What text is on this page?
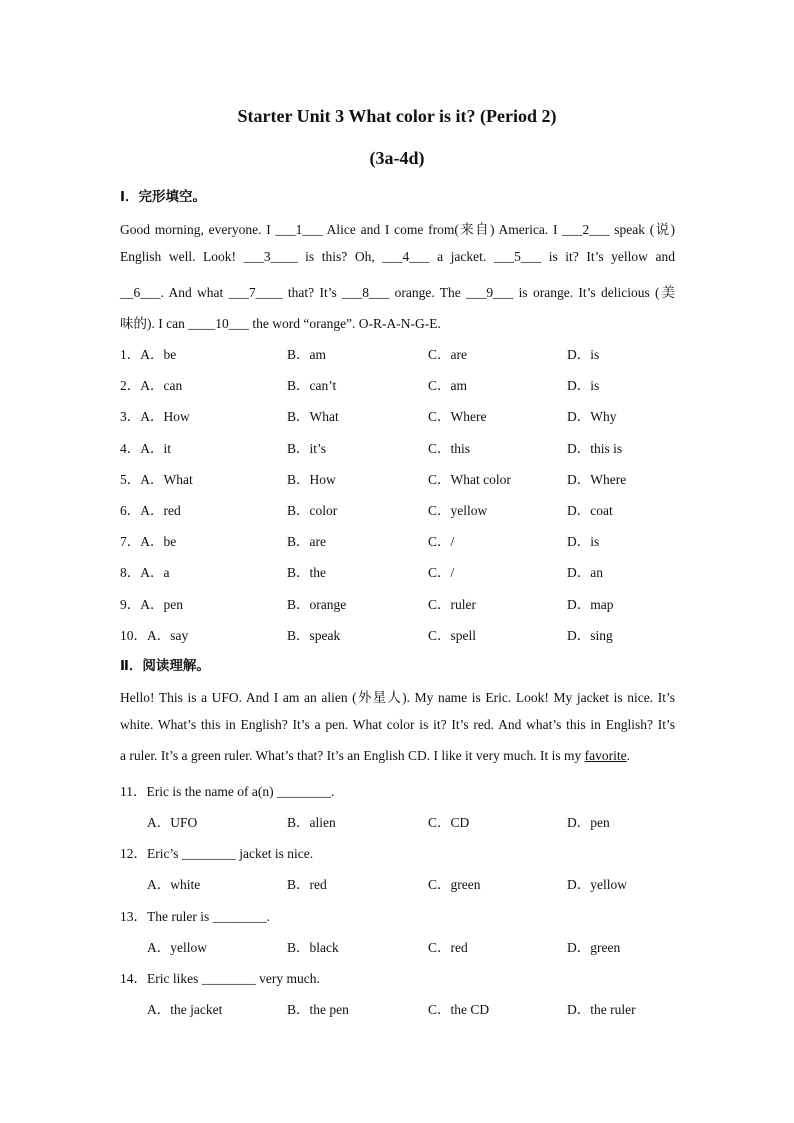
Starter Unit 3 What color is it? (Period 2)
(3a-4d)
Ⅰ．完形填空。
Good morning, everyone. I ___1___ Alice and I come from(来自) America. I ___2___ speak (说)
English well. Look! ___3____ is this? Oh, ___4___ a jacket. ___5___ is it? It’s yellow and
__6___. And what ___7____ that? It’s ___8___ orange. The ___9___ is orange. It’s delicious (美
味的). I can ____10___ the word “orange”. O-R-A-N-G-E.
1．A．be	B．am	C．are	D．is
2．A．can	B．can’t	C．am	D．is
3．A．How	B．What	C．Where	D．Why
4．A．it	B．it’s	C．this	D．this is
5．A．What	B．How	C．What color	D．Where
6．A．red	B．color	C．yellow	D．coat
7．A．be	B．are	C．/	D．is
8．A．a	B．the	C．/	D．an
9．A．pen	B．orange	C．ruler	D．map
10．A．say	B．speak	C．spell	D．sing
Ⅱ．阅读理解。
Hello! This is a UFO. And I am an alien (外星人). My name is Eric. Look! My jacket is nice. It’s
white. What’s this in English? It’s a pen. What color is it? It’s red. And what’s this in English? It’s
a ruler. It’s a green ruler. What’s that? It’s an English CD. I like it very much. It is my favorite.
11．Eric is the name of a(n) ________.
A．UFO	B．alien	C．CD	D．pen
12．Eric’s ________ jacket is nice.
A．white	B．red	C．green	D．yellow
13．The ruler is ________.
A．yellow	B．black	C．red	D．green
14．Eric likes ________ very much.
A．the jacket	B．the pen	C．the CD	D．the ruler
